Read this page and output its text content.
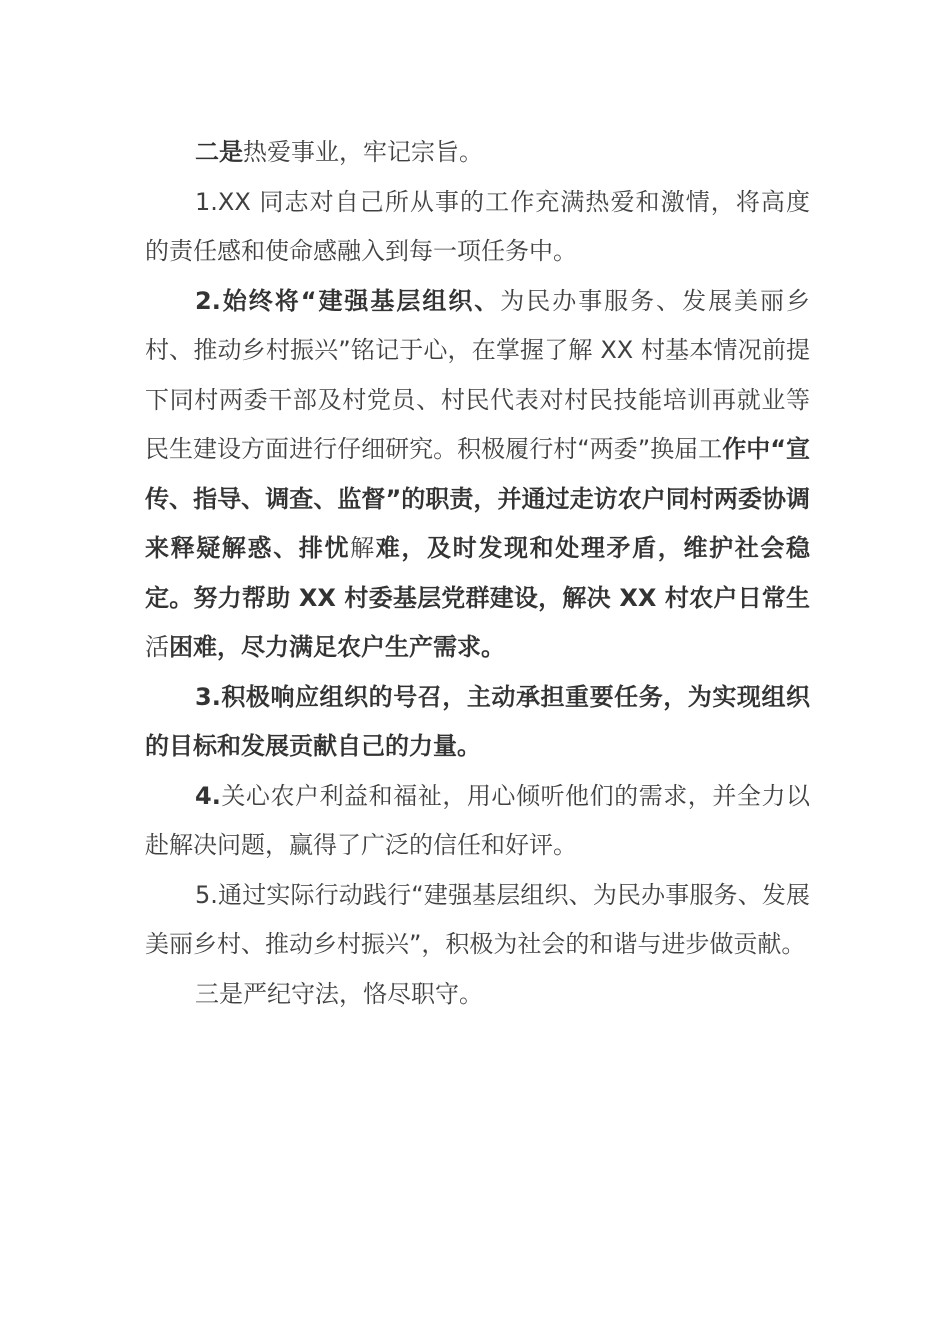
二是热爱事业，牢记宗旨。

1.XX 同志对自己所从事的工作充满热爱和激情，将高度的责任感和使命感融入到每一项任务中。

2.始终将“建强基层组织、为民办事服务、发展美丽乡村、推动乡村振兴”铭记于心，在掌握了解 XX 村基本情况前提下同村两委干部及村党员、村民代表对村民技能培训再就业等民生建设方面进行仔细研究。积极履行村“两委”换届工作中“宣传、指导、调查、监督”的职责，并通过走访农户同村两委协调来释疑解惑、排忧解难，及时发现和处理矛盾，维护社会稳定。努力帮助 XX 村委基层党群建设，解决 XX 村农户日常生活困难，尽力满足农户生产需求。

3.积极响应组织的号召，主动承担重要任务，为实现组织的目标和发展贡献自己的力量。

4.关心农户利益和福祉，用心倾听他们的需求，并全力以赴解决问题，赢得了广泛的信任和好评。

5.通过实际行动践行“建强基层组织、为民办事服务、发展美丽乡村、推动乡村振兴”，积极为社会的和谐与进步做贡献。

三是严纪守法，恪尽职守。
